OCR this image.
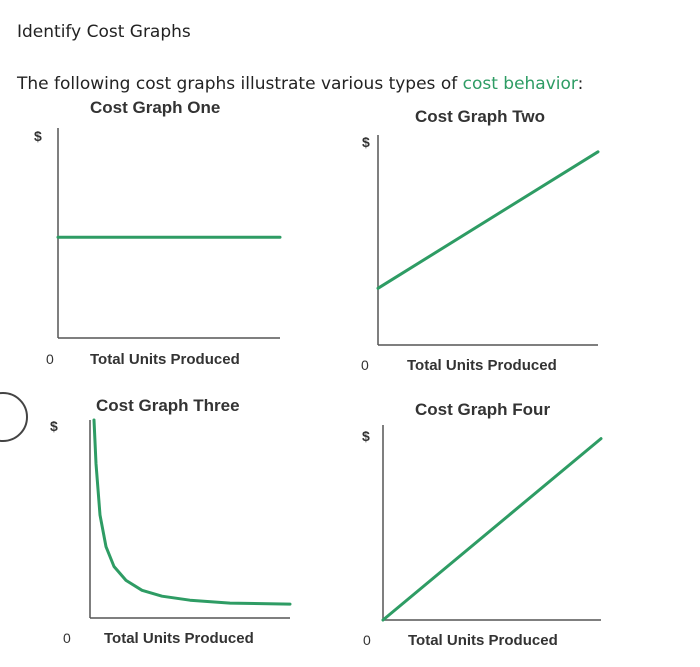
Identify Cost Graphs
The following cost graphs illustrate various types of cost behavior:
Cost Graph One
$
0 Total Units Produced
Cost Graph Two
$
0	Total Units Produced
Cost Graph Three
$
0 Total Units Produced
Cost Graph Four
$
0 Total Units Produced
